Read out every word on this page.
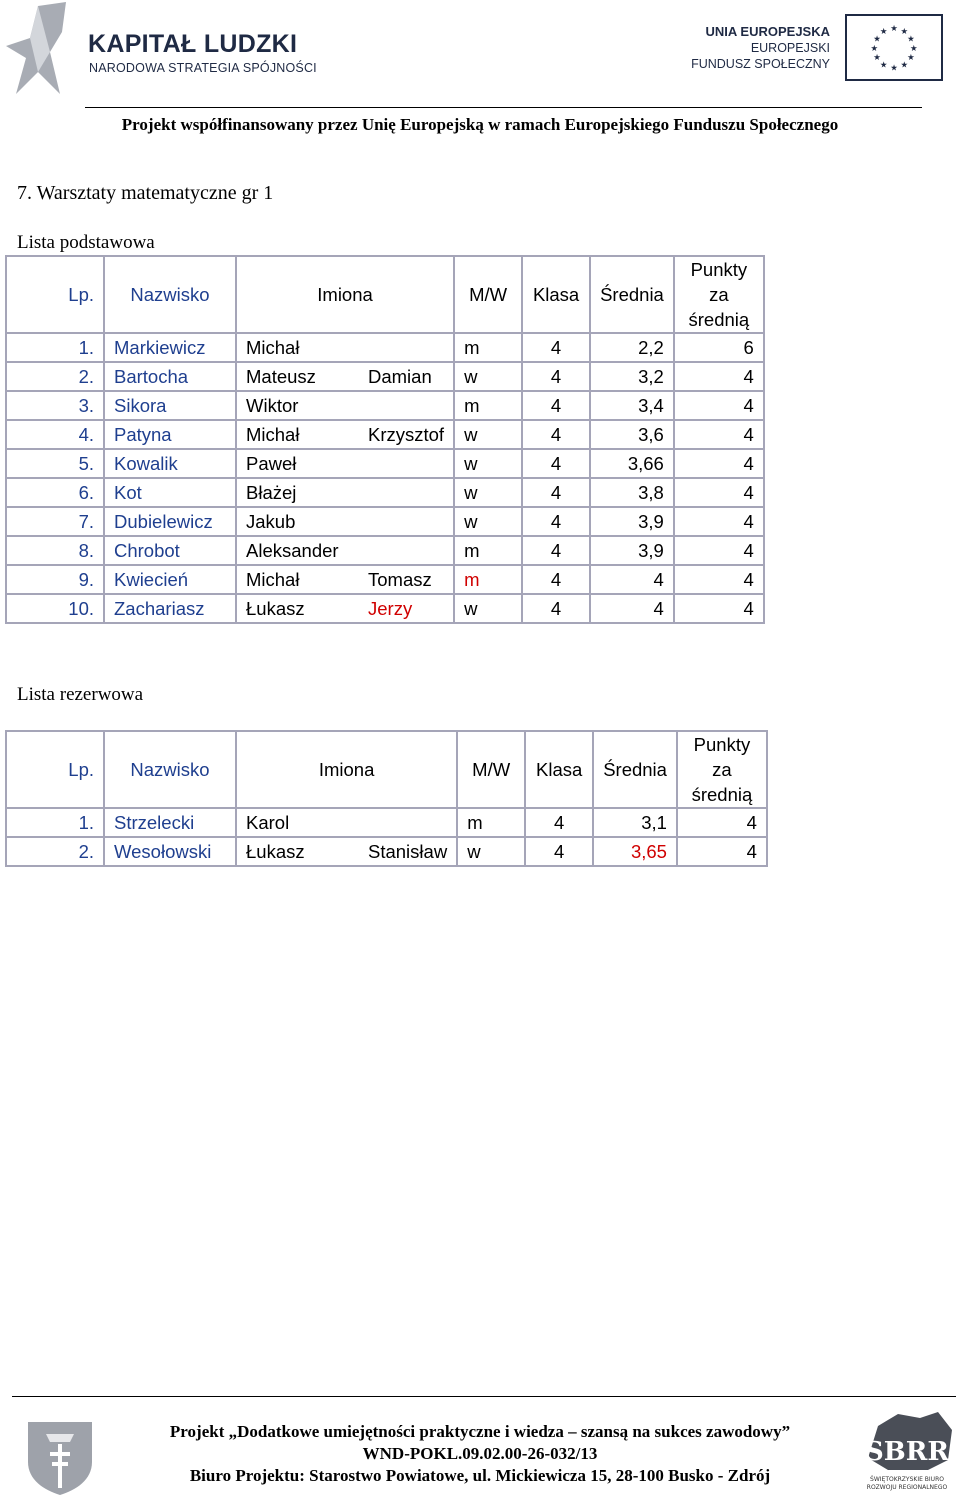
KAPITAŁ LUDZKI
NARODOWA STRATEGIA SPÓJNOŚCI
UNIA EUROPEJSKA
EUROPEJSKI
FUNDUSZ SPOŁECZNY
★ ★
★
★
★
★
★
★
★
★
★
★
Projekt współfinansowany przez Unię Europejską w ramach Europejskiego Funduszu Społecznego
7. Warsztaty matematyczne gr 1
Lista podstawowa
Lp.	Nazwisko	Imiona		M/W	Klasa	Średnia	Punkty za średnią
1.	Markiewicz	Michał		m	4	2,2	6
2.	Bartocha	Mateusz	Damian	w	4	3,2	4
3.	Sikora	Wiktor		m	4	3,4	4
4.	Patyna	Michał	Krzysztof	w	4	3,6	4
5.	Kowalik	Paweł		w	4	3,66	4
6.	Kot	Błażej		w	4	3,8	4
7.	Dubielewicz	Jakub		w	4	3,9	4
8.	Chrobot	Aleksander		m	4	3,9	4
9.	Kwiecień	Michał	Tomasz	m	4	4	4
10.	Zachariasz	Łukasz	Jerzy	w	4	4	4
Lista rezerwowa
Lp.	Nazwisko	Imiona		M/W	Klasa	Średnia	Punkty za średnią
1.	Strzelecki	Karol		m	4	3,1	4
2.	Wesołowski	Łukasz	Stanisław	w	4	3,65	4
Projekt „Dodatkowe umiejętności praktyczne i wiedza – szansą na sukces zawodowy”
WND-POKL.09.02.00-26-032/13
Biuro Projektu: Starostwo Powiatowe, ul. Mickiewicza 15, 28-100 Busko - Zdrój
SBRR
ŚWIĘTOKRZYSKIE BIURO
ROZWOJU REGIONALNEGO
